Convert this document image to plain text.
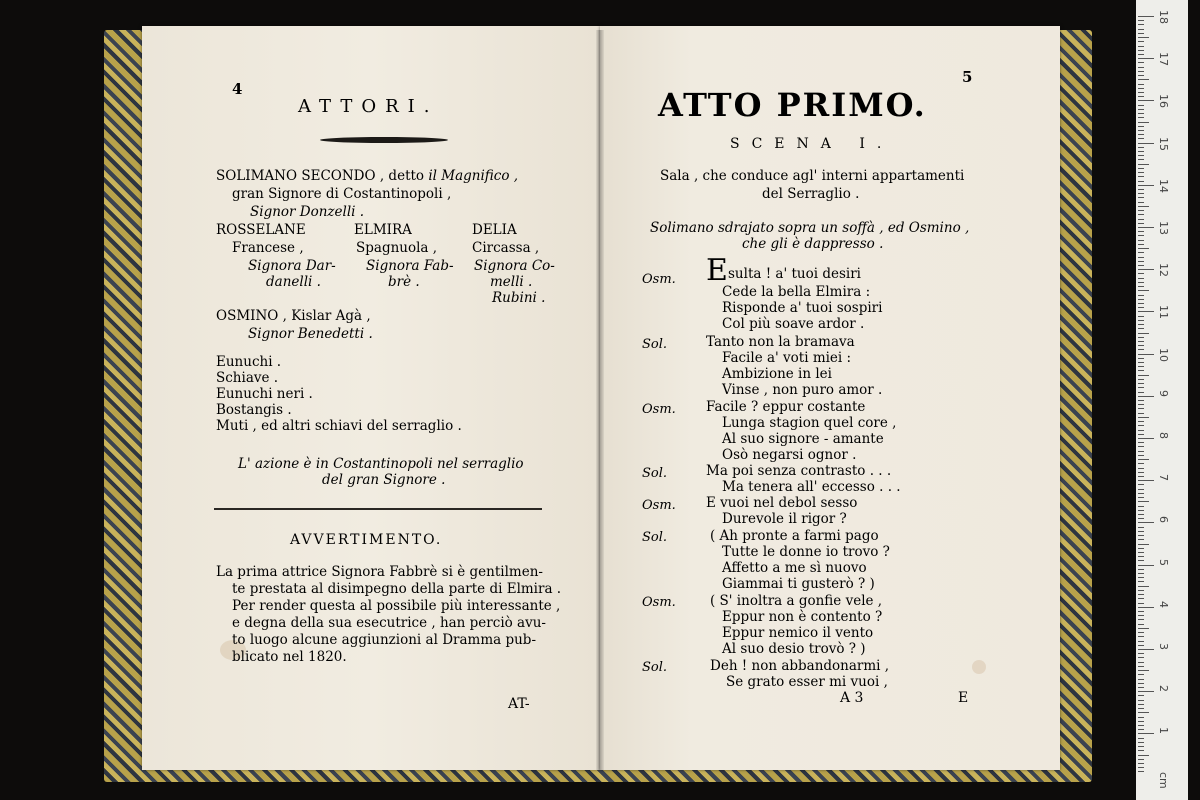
4
ATTORI.
SOLIMANO SECONDO , detto il Magnifico ,
gran Signore di Costantinopoli ,
Signor Donzelli .
ROSSELANE
Francese ,
Signora Dar-
danelli .
ELMIRA
Spagnuola ,
Signora Fab-
brè .
DELIA
Circassa ,
Signora Co-
melli .
Rubini .
OSMINO , Kislar Agà ,
Signor Benedetti .
Eunuchi .
Schiave .
Eunuchi neri .
Bostangis .
Muti , ed altri schiavi del serraglio .
L' azione è in Costantinopoli nel serraglio
del gran Signore .
AVVERTIMENTO.
La prima attrice Signora Fabbrè si è gentilmen-
te prestata al disimpegno della parte di Elmira .
Per render questa al possibile più interessante ,
e degna della sua esecutrice , han perciò avu-
to luogo alcune aggiunzioni al Dramma pub-
blicato nel 1820.
AT-
5
ATTO PRIMO.
SCENA I.
Sala , che conduce agl' interni appartamenti
del Serraglio .
Solimano sdrajato sopra un soffà , ed Osmino ,
che gli è dappresso .
Osm.
Sol.
Osm.
Sol.
Osm.
Sol.
Osm.
Sol.
E sulta ! a' tuoi desiri
Cede la bella Elmira :
Risponde a' tuoi sospiri
Col più soave ardor .
Tanto non la bramava
Facile a' voti miei :
Ambizione in lei
Vinse , non puro amor .
Facile ? eppur costante
Lunga stagion quel core ,
Al suo signore - amante
Osò negarsi ognor .
Ma poi senza contrasto . . .
Ma tenera all' eccesso . . .
E vuoi nel debol sesso
Durevole il rigor ?
( Ah pronte a farmi pago
Tutte le donne io trovo ?
Affetto a me sì nuovo
Giammai ti gusterò ? )
( S' inoltra a gonfie vele ,
Eppur non è contento ?
Eppur nemico il vento
Al suo desio trovò ? )
Deh ! non abbandonarmi ,
Se grato esser mi vuoi ,
A 3	E
18
17
16
15
14
13
12
11
10
9
8
7
6
5
4
3
2
1
cm
